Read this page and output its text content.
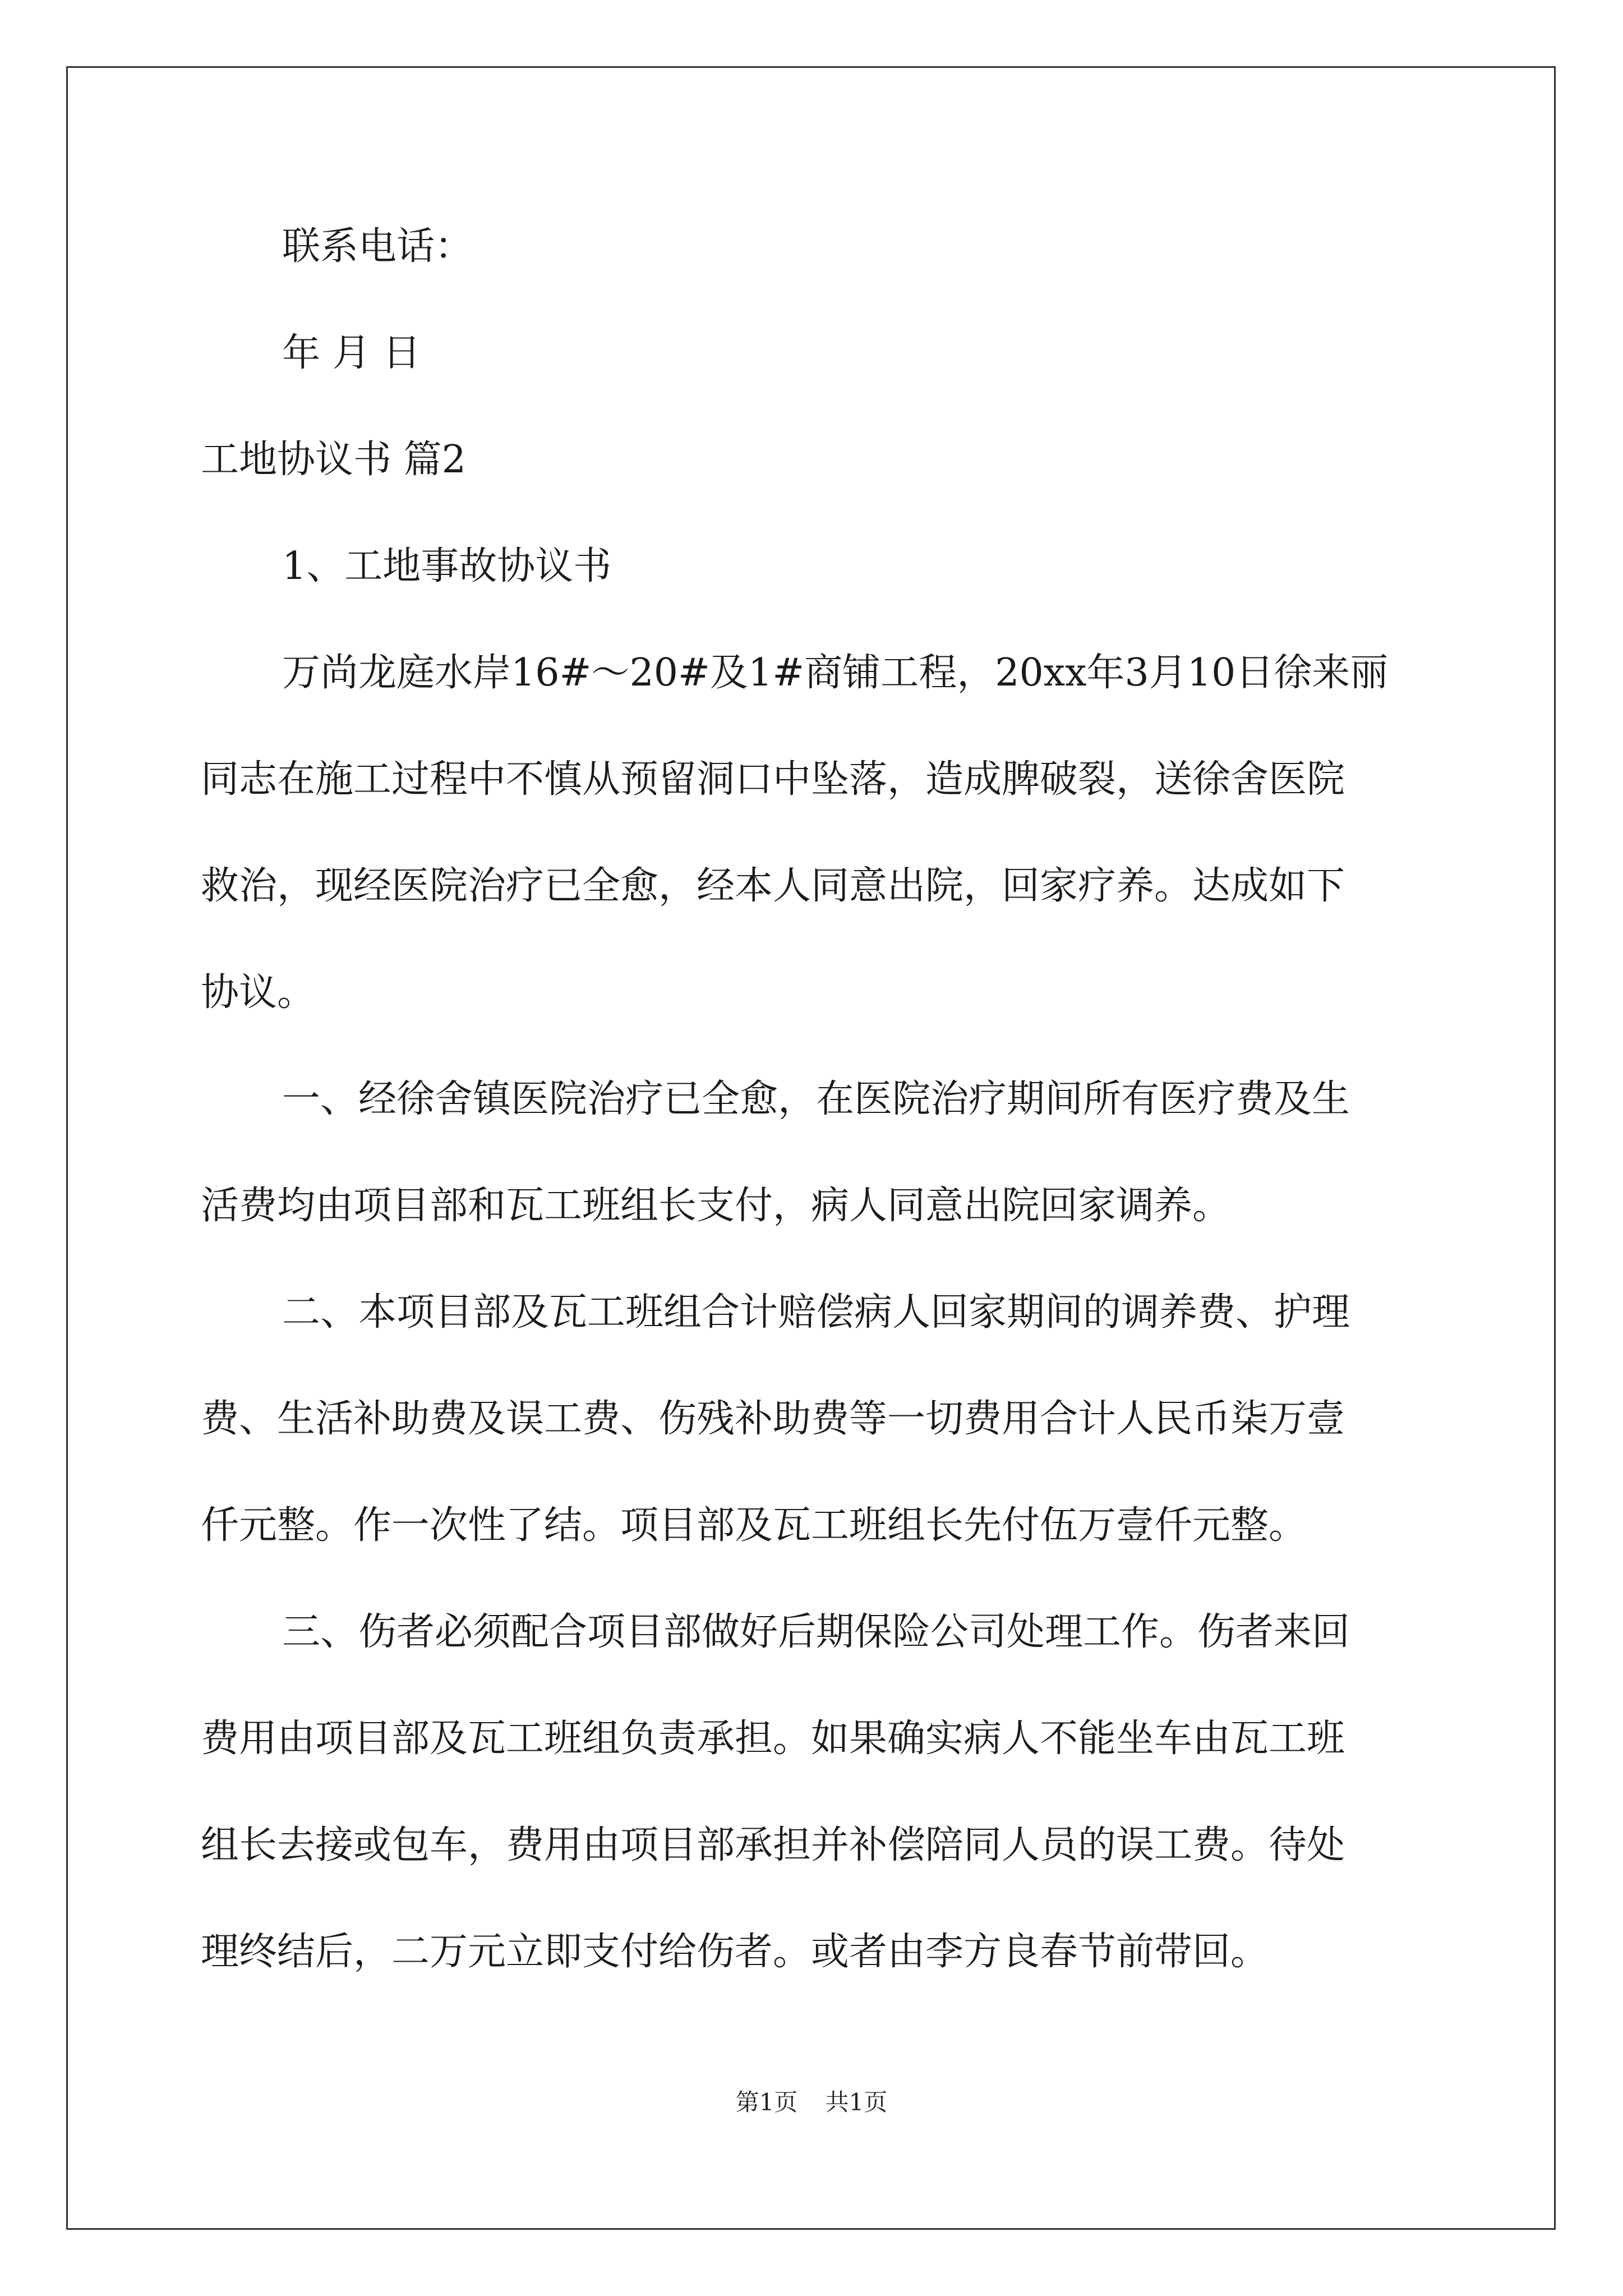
联系电话：
年 月 日
工地协议书 篇2
1、工地事故协议书
万尚龙庭水岸16#～20#及1#商铺工程，20xx年3月10日徐来丽
同志在施工过程中不慎从预留洞口中坠落，造成脾破裂，送徐舍医院
救治，现经医院治疗已全愈，经本人同意出院，回家疗养。达成如下
协议。
一、经徐舍镇医院治疗已全愈，在医院治疗期间所有医疗费及生
活费均由项目部和瓦工班组长支付，病人同意出院回家调养。
二、本项目部及瓦工班组合计赔偿病人回家期间的调养费、护理
费、生活补助费及误工费、伤残补助费等一切费用合计人民币柒万壹
仟元整。作一次性了结。项目部及瓦工班组长先付伍万壹仟元整。
三、伤者必须配合项目部做好后期保险公司处理工作。伤者来回
费用由项目部及瓦工班组负责承担。如果确实病人不能坐车由瓦工班
组长去接或包车，费用由项目部承担并补偿陪同人员的误工费。待处
理终结后，二万元立即支付给伤者。或者由李方良春节前带回。
第1页 共1页
